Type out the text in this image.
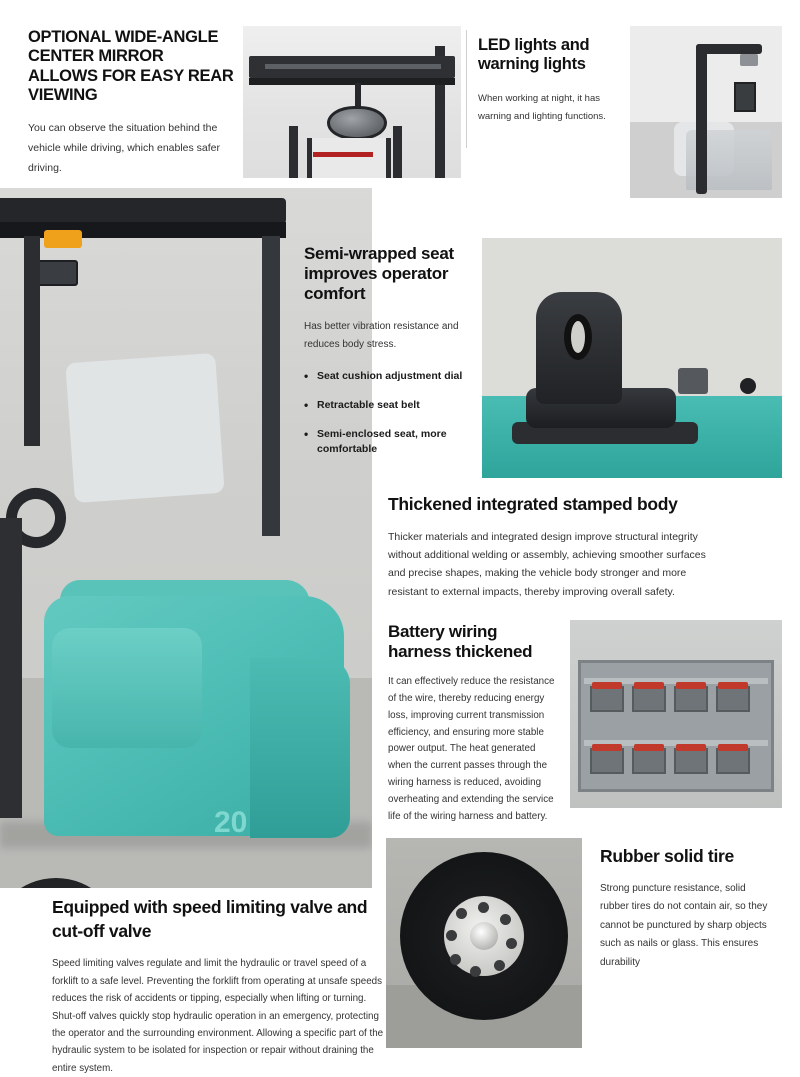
OPTIONAL WIDE-ANGLE CENTER MIRROR ALLOWS FOR EASY REAR VIEWING
You can observe the situation behind the vehicle while driving, which enables safer driving.
LED lights and warning lights
When working at night, it has warning and lighting functions.
20
Semi-wrapped seat improves operator comfort
Has better vibration resistance and reduces body stress.
• Seat cushion adjustment dial
• Retractable seat belt
• Semi-enclosed seat, more comfortable
Thickened integrated stamped body
Thicker materials and integrated design improve structural integrity without additional welding or assembly, achieving smoother surfaces and precise shapes, making the vehicle body stronger and more resistant to external impacts, thereby improving overall safety.
Battery wiring harness thickened
It can effectively reduce the resistance of the wire, thereby reducing energy loss, improving current transmission efficiency, and ensuring more stable power output. The heat generated when the current passes through the wiring harness is reduced, avoiding overheating and extending the service life of the wiring harness and battery.
Equipped with speed limiting valve and cut-off valve
Speed limiting valves regulate and limit the hydraulic or travel speed of a forklift to a safe level. Preventing the forklift from operating at unsafe speeds reduces the risk of accidents or tipping, especially when lifting or turning. Shut-off valves quickly stop hydraulic operation in an emergency, protecting the operator and the surrounding environment. Allowing a specific part of the hydraulic system to be isolated for inspection or repair without draining the entire system.
Rubber solid tire
Strong puncture resistance, solid rubber tires do not contain air, so they cannot be punctured by sharp objects such as nails or glass. This ensures durability
